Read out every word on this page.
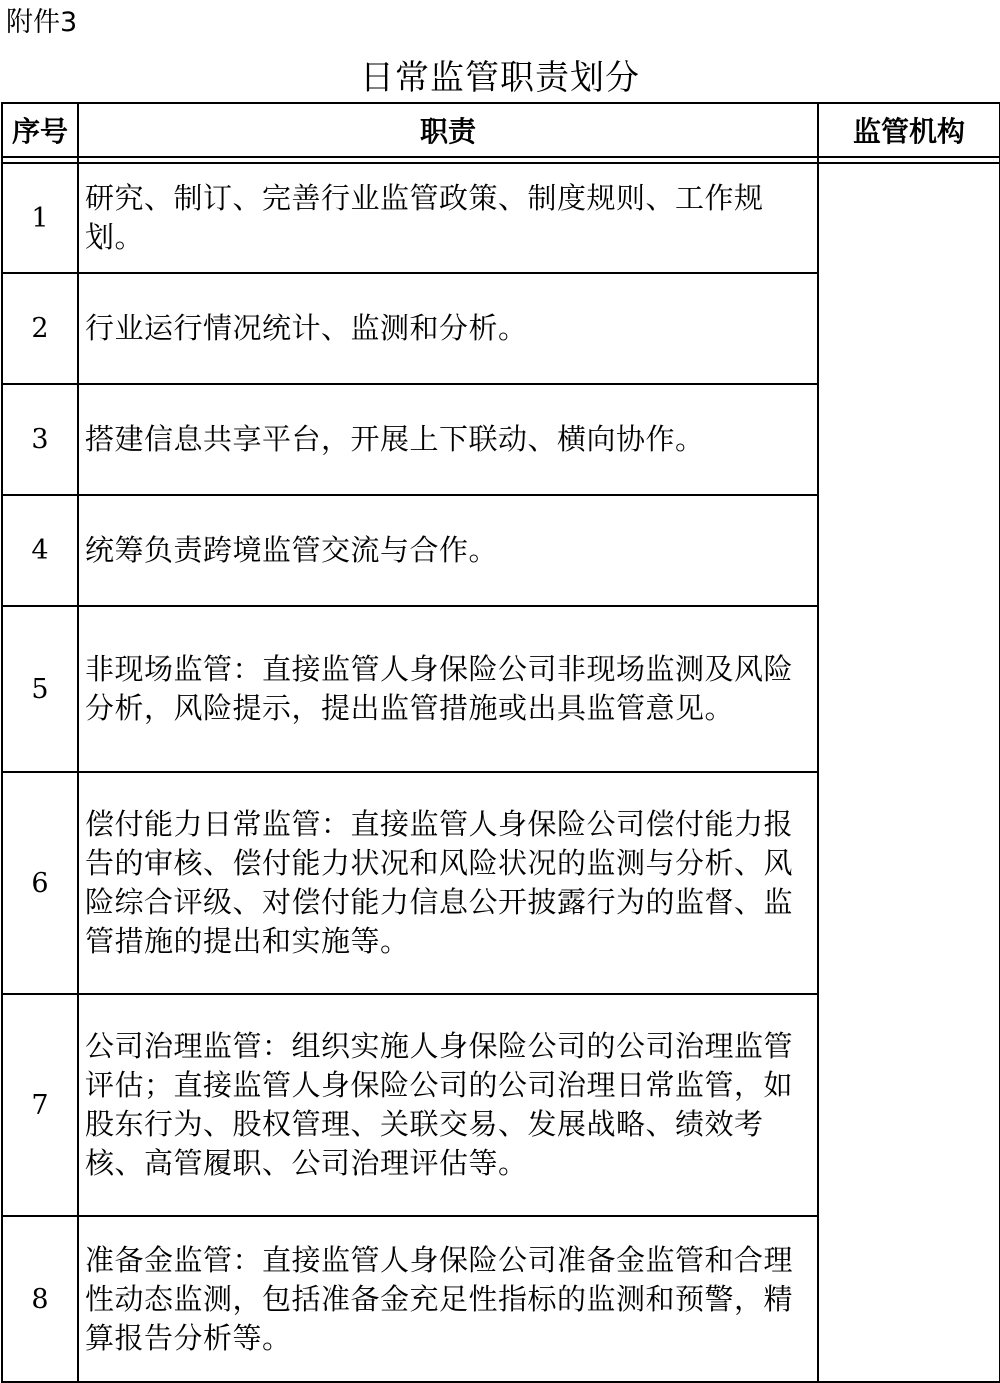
附件3
日常监管职责划分
序号	职责	监管机构

1	研究、制订、完善行业监管政策、制度规则、工作规划。	
2	行业运行情况统计、监测和分析。	
3	搭建信息共享平台，开展上下联动、横向协作。	
4	统筹负责跨境监管交流与合作。	
5	非现场监管：直接监管人身保险公司非现场监测及风险分析，风险提示，提出监管措施或出具监管意见。	
6	偿付能力日常监管：直接监管人身保险公司偿付能力报告的审核、偿付能力状况和风险状况的监测与分析、风险综合评级、对偿付能力信息公开披露行为的监督、监管措施的提出和实施等。	
7	公司治理监管：组织实施人身保险公司的公司治理监管评估；直接监管人身保险公司的公司治理日常监管，如股东行为、股权管理、关联交易、发展战略、绩效考核、高管履职、公司治理评估等。	
8	准备金监管：直接监管人身保险公司准备金监管和合理性动态监测，包括准备金充足性指标的监测和预警，精算报告分析等。	
